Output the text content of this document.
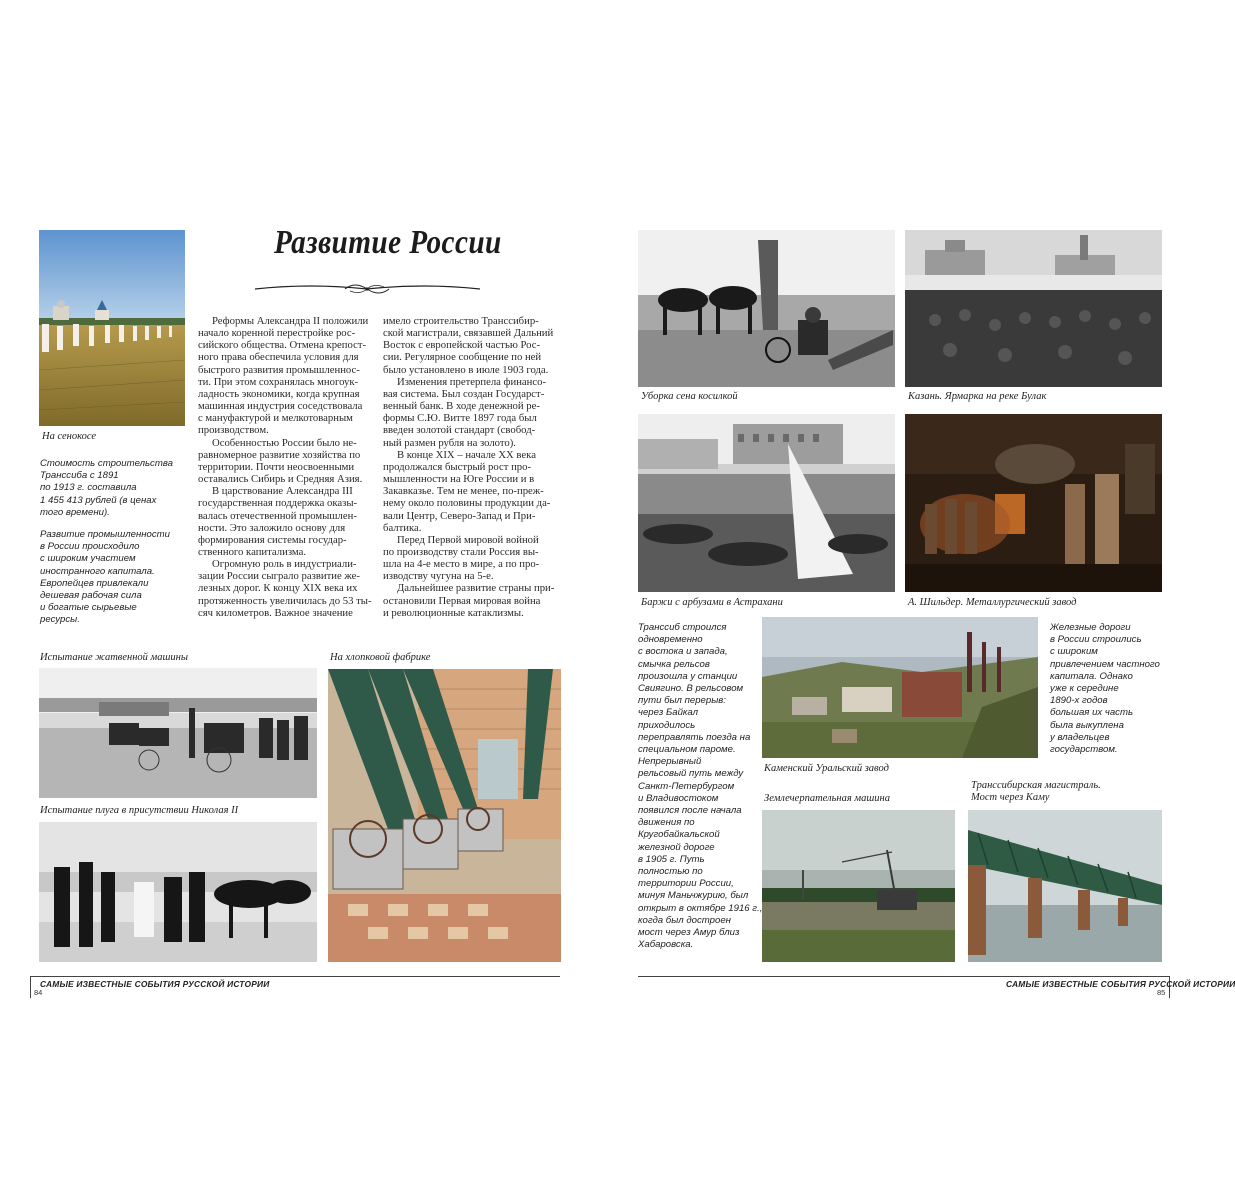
На сенокосе
Стоимость строительства
Транссиба с 1891
по 1913 г. составила
1 455 413 рублей (в ценах
того времени).
Развитие промышленности
в России происходило
с широким участием
иностранного капитала.
Европейцев привлекали
дешевая рабочая сила
и богатые сырьевые
ресурсы.
Развитие России
Реформы Александра II положили
начало коренной перестройке рос-
сийского общества. Отмена крепост-
ного права обеспечила условия для
быстрого развития промышленнос-
ти. При этом сохранялась многоук-
ладность экономики, когда крупная
машинная индустрия соседствовала
с мануфактурой и мелкотоварным
производством.
Особенностью России было не-
равномерное развитие хозяйства по
территории. Почти неосвоенными
оставались Сибирь и Средняя Азия.
В царствование Александра III
государственная поддержка оказы-
валась отечественной промышлен-
ности. Это заложило основу для
формирования системы государ-
ственного капитализма.
Огромную роль в индустриали-
зации России сыграло развитие же-
лезных дорог. К концу XIX века их
протяженность увеличилась до 53 ты-
сяч километров. Важное значение
имело строительство Транссибир-
ской магистрали, связавшей Дальний
Восток с европейской частью Рос-
сии. Регулярное сообщение по ней
было установлено в июле 1903 года.
Изменения претерпела финансо-
вая система. Был создан Государст-
венный банк. В ходе денежной ре-
формы С.Ю. Витте 1897 года был
введен золотой стандарт (свобод-
ный размен рубля на золото).
В конце XIX – начале XX века
продолжался быстрый рост про-
мышленности на Юге России и в
Закавказье. Тем не менее, по-преж-
нему около половины продукции да-
вали Центр, Северо-Запад и При-
балтика.
Перед Первой мировой войной
по производству стали Россия вы-
шла на 4-е место в мире, а по про-
изводству чугуна на 5-е.
Дальнейшее развитие страны при-
остановили Первая мировая война
и революционные катаклизмы.
Испытание жатвенной машины
Испытание плуга в присутствии Николая II
На хлопковой фабрике
САМЫЕ ИЗВЕСТНЫЕ СОБЫТИЯ РУССКОЙ ИСТОРИИ
84
Уборка сена косилкой	Казань. Ярмарка на реке Булак
Баржи с арбузами в Астрахани	А. Шильдер. Металлургический завод
Транссиб строился
одновременно
с востока и запада,
смычка рельсов
произошла у станции
Свиягино. В рельсовом
пути был перерыв:
через Байкал
приходилось
переправлять поезда на
специальном пароме.
Непрерывный
рельсовый путь между
Санкт-Петербургом
и Владивостоком
появился после начала
движения по
Кругобайкальской
железной дороге
в 1905 г. Путь
полностью по
территории России,
минуя Маньчжурию, был
открыт в октябре 1916 г.,
когда был достроен
мост через Амур близ
Хабаровска.
Каменский Уральский завод
Железные дороги
в России строились
с широким
привлечением частного
капитала. Однако
уже к середине
1890-х годов
большая их часть
была выкуплена
у владельцев
государством.
Землечерпательная машина
Транссибирская магистраль.
Мост через Каму
САМЫЕ ИЗВЕСТНЫЕ СОБЫТИЯ РУССКОЙ ИСТОРИИ
85
